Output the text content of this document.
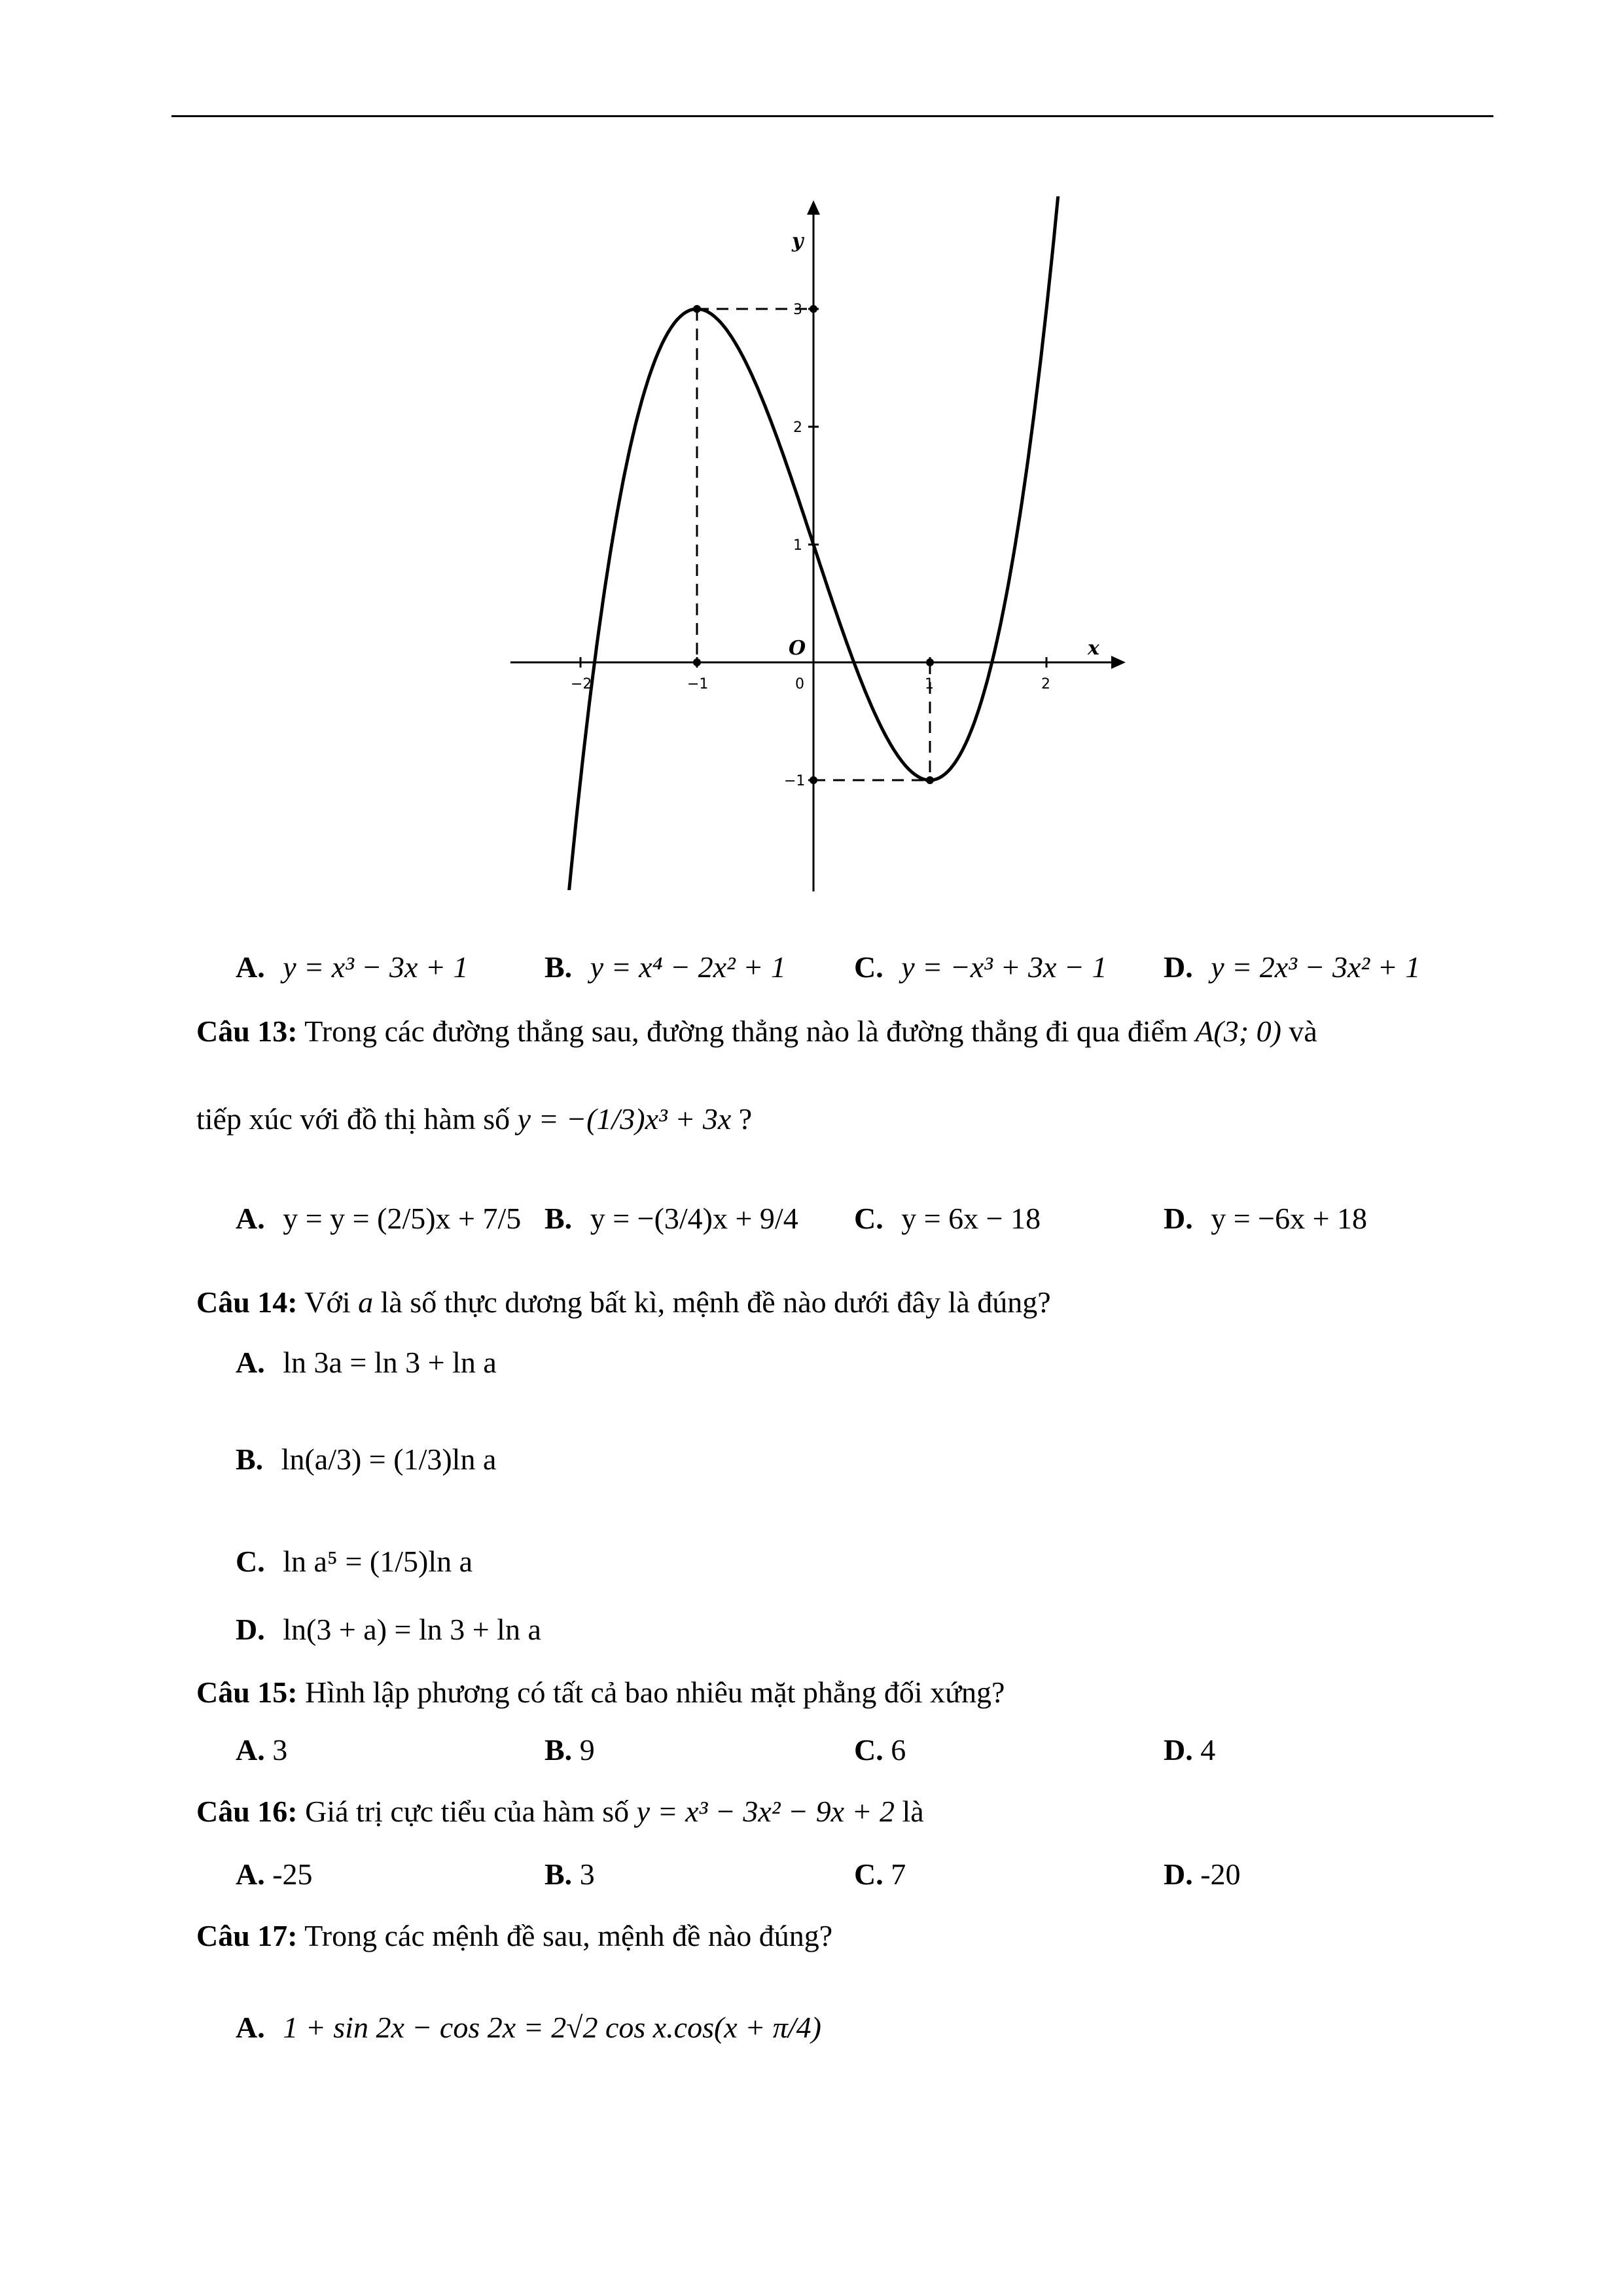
−2	−1	0	1	2
−1
1
2
3
y
x
O
A. y = x³ − 3x + 1	B. y = x⁴ − 2x² + 1 C. y = −x³ + 3x − 1 D. y = 2x³ − 3x² + 1
Câu 13: Trong các đường thẳng sau, đường thẳng nào là đường thẳng đi qua điểm A(3; 0) và
tiếp xúc với đồ thị hàm số y = −(1/3)x³ + 3x ?
A. y = y = (2/5)x + 7/5 B. y = −(3/4)x + 9/4 C. y = 6x − 18	D. y = −6x + 18
Câu 14: Với a là số thực dương bất kì, mệnh đề nào dưới đây là đúng?
A. ln 3a = ln 3 + ln a
B. ln(a/3) = (1/3)ln a
C. ln a⁵ = (1/5)ln a
D. ln(3 + a) = ln 3 + ln a
Câu 15: Hình lập phương có tất cả bao nhiêu mặt phẳng đối xứng?
A. 3	B. 9	C. 6	D. 4
Câu 16: Giá trị cực tiểu của hàm số y = x³ − 3x² − 9x + 2 là
A. -25	B. 3	C. 7	D. -20
Câu 17: Trong các mệnh đề sau, mệnh đề nào đúng?
A. 1 + sin 2x − cos 2x = 2√2 cos x.cos(x + π/4)
